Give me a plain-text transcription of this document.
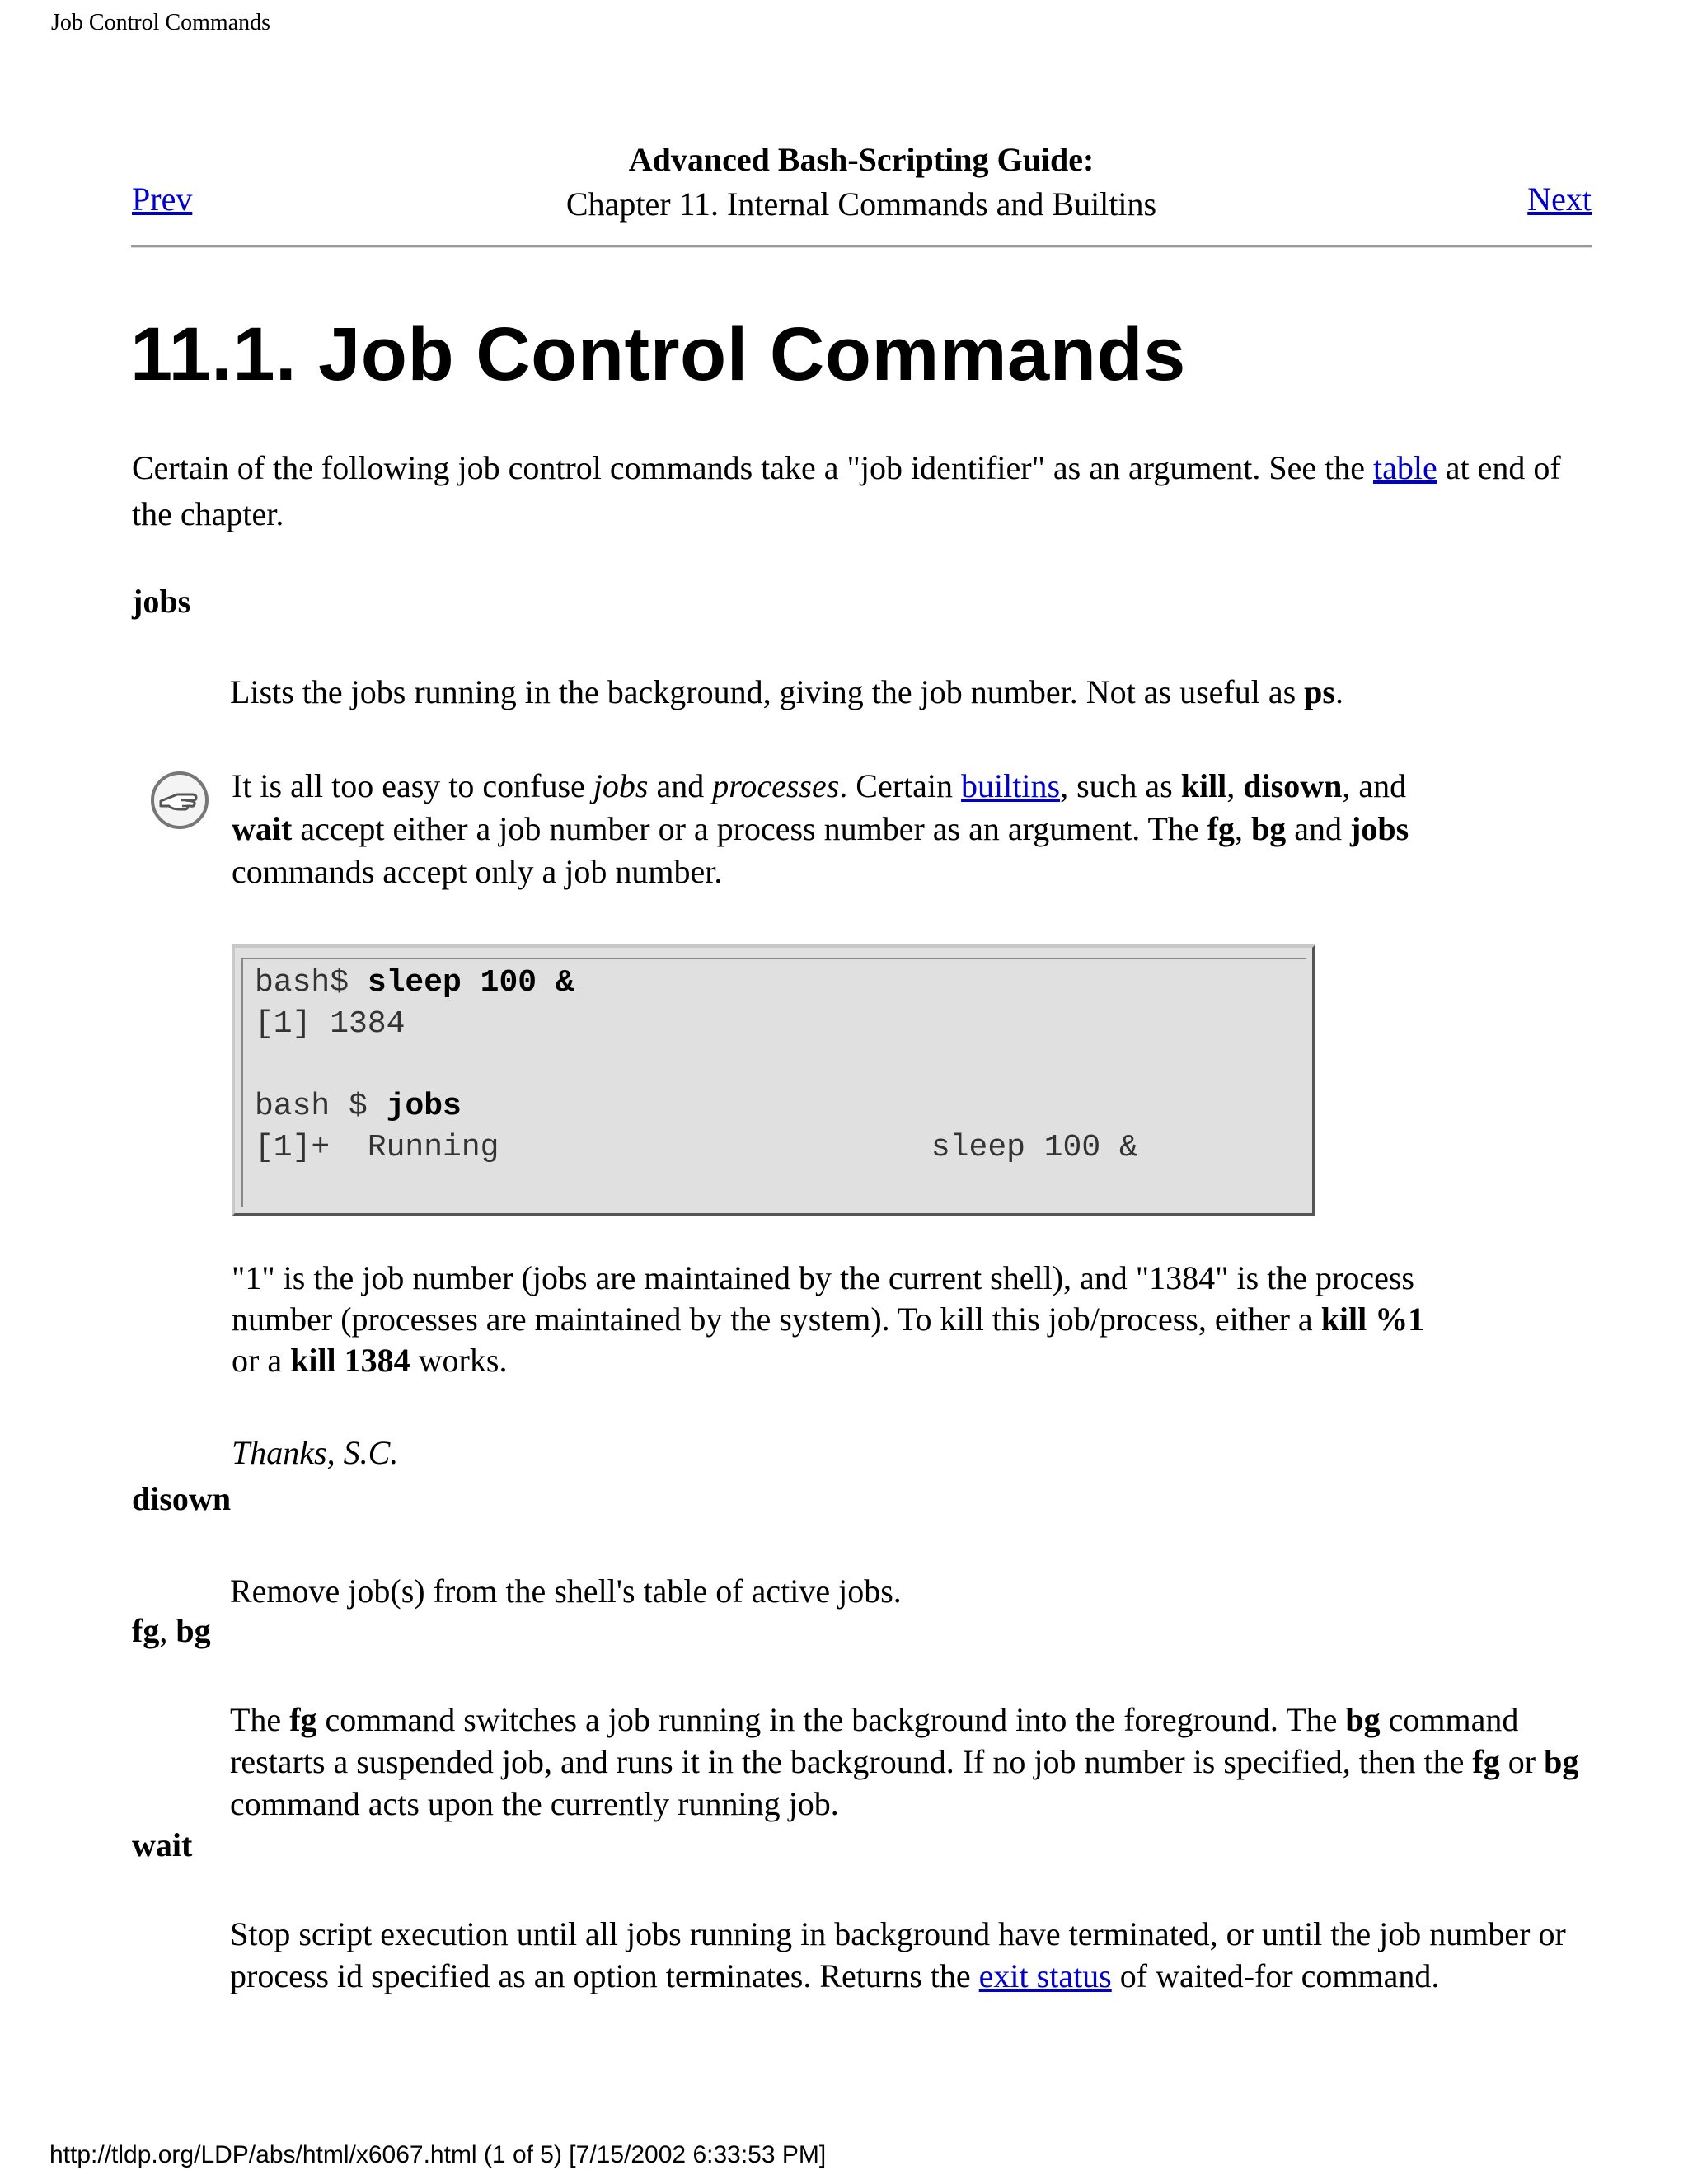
Job Control Commands
Advanced Bash-Scripting Guide:
Chapter 11. Internal Commands and Builtins
Prev	Next
11.1. Job Control Commands
Certain of the following job control commands take a "job identifier" as an argument. See the table at end of the chapter.
jobs
Lists the jobs running in the background, giving the job number. Not as useful as ps.
It is all too easy to confuse jobs and processes. Certain builtins, such as kill, disown, and wait accept either a job number or a process number as an argument. The fg, bg and jobs commands accept only a job number.
bash$ sleep 100 &
[1] 1384

bash $ jobs
[1]+  Running                       sleep 100 &
"1" is the job number (jobs are maintained by the current shell), and "1384" is the process number (processes are maintained by the system). To kill this job/process, either a kill %1 or a kill 1384 works.
Thanks, S.C.
disown
Remove job(s) from the shell's table of active jobs.
fg, bg
The fg command switches a job running in the background into the foreground. The bg command restarts a suspended job, and runs it in the background. If no job number is specified, then the fg or bg command acts upon the currently running job.
wait
Stop script execution until all jobs running in background have terminated, or until the job number or process id specified as an option terminates. Returns the exit status of waited-for command.
http://tldp.org/LDP/abs/html/x6067.html (1 of 5) [7/15/2002 6:33:53 PM]
